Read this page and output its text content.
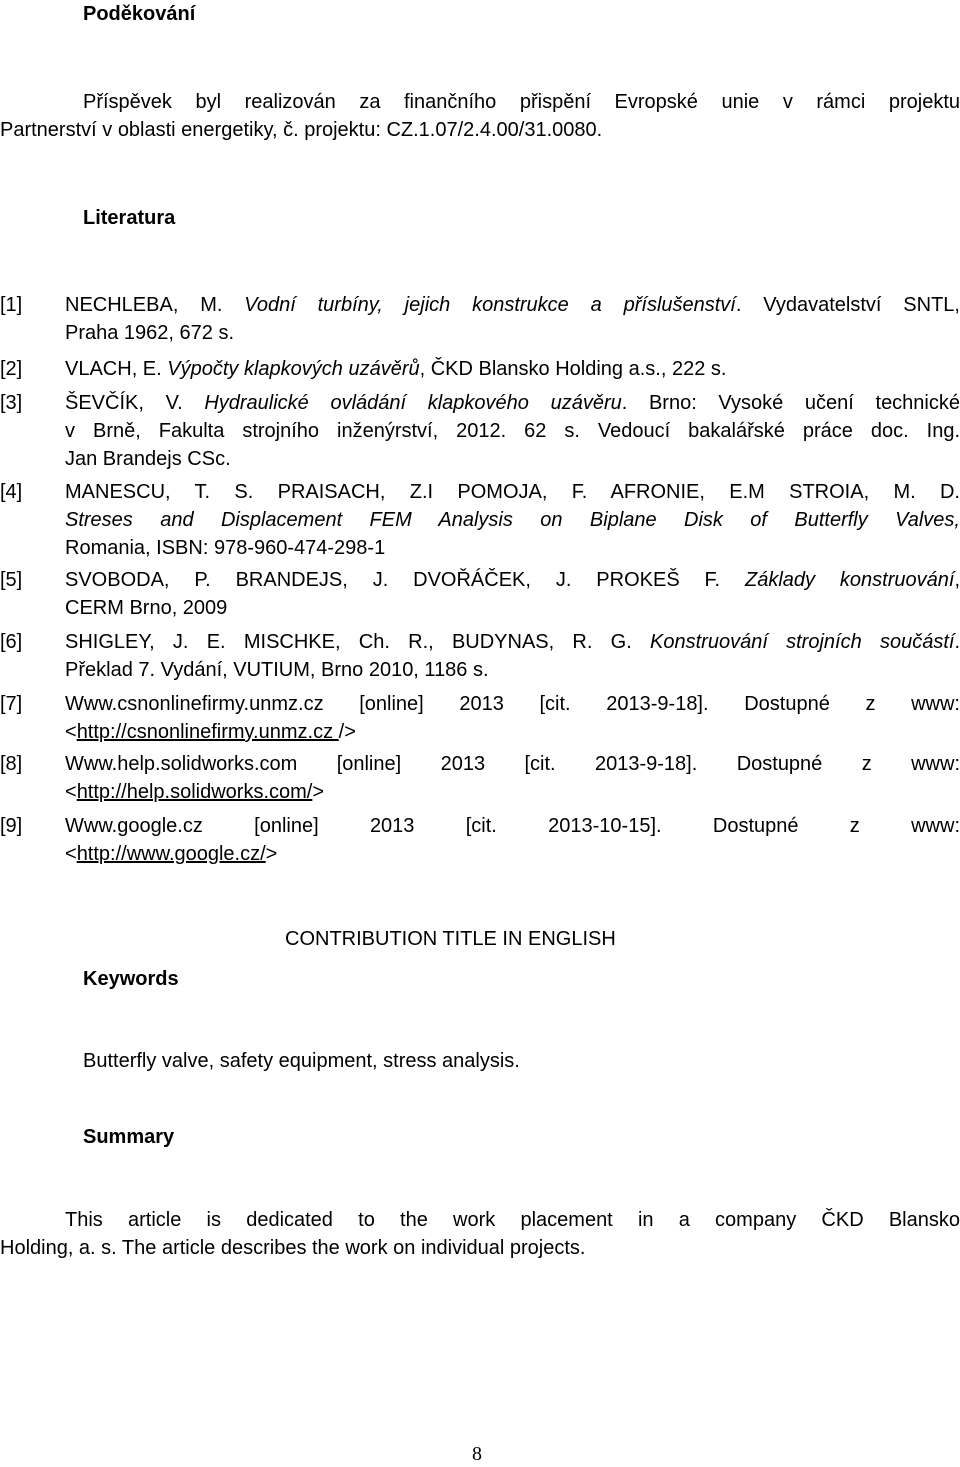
Poděkování
Příspěvek byl realizován za finančního přispění Evropské unie v rámci projektu
Partnerství v oblasti energetiky, č. projektu: CZ.1.07/2.4.00/31.0080.
Literatura
[1] NECHLEBA, M. Vodní turbíny, jejich konstrukce a příslušenství. Vydavatelství SNTL,
Praha 1962, 672 s.
[2] VLACH, E. Výpočty klapkových uzávěrů, ČKD Blansko Holding a.s., 222 s.
[3] ŠEVČÍK, V. Hydraulické ovládání klapkového uzávěru. Brno: Vysoké učení technické
v Brně, Fakulta strojního inženýrství, 2012. 62 s. Vedoucí bakalářské práce doc. Ing.
Jan Brandejs CSc.
[4] MANESCU, T. S. PRAISACH, Z.I POMOJA, F. AFRONIE, E.M STROIA, M. D.
Streses and Displacement FEM Analysis on Biplane Disk of Butterfly Valves,
Romania, ISBN: 978-960-474-298-1
[5] SVOBODA, P. BRANDEJS, J. DVOŘÁČEK, J. PROKEŠ F. Základy konstruování,
CERM Brno, 2009
[6] SHIGLEY, J. E. MISCHKE, Ch. R., BUDYNAS, R. G. Konstruování strojních součástí.
Překlad 7. Vydání, VUTIUM, Brno 2010, 1186 s.
[7] Www.csnonlinefirmy.unmz.cz [online] 2013 [cit. 2013-9-18]. Dostupné z www:
<http://csnonlinefirmy.unmz.cz />
[8] Www.help.solidworks.com [online] 2013 [cit. 2013-9-18]. Dostupné z www:
<http://help.solidworks.com/>
[9] Www.google.cz [online] 2013 [cit. 2013-10-15]. Dostupné z www:
<http://www.google.cz/>
CONTRIBUTION TITLE IN ENGLISH
Keywords
Butterfly valve, safety equipment, stress analysis.
Summary
This article is dedicated to the work placement in a company ČKD Blansko
Holding, a. s. The article describes the work on individual projects.
8
